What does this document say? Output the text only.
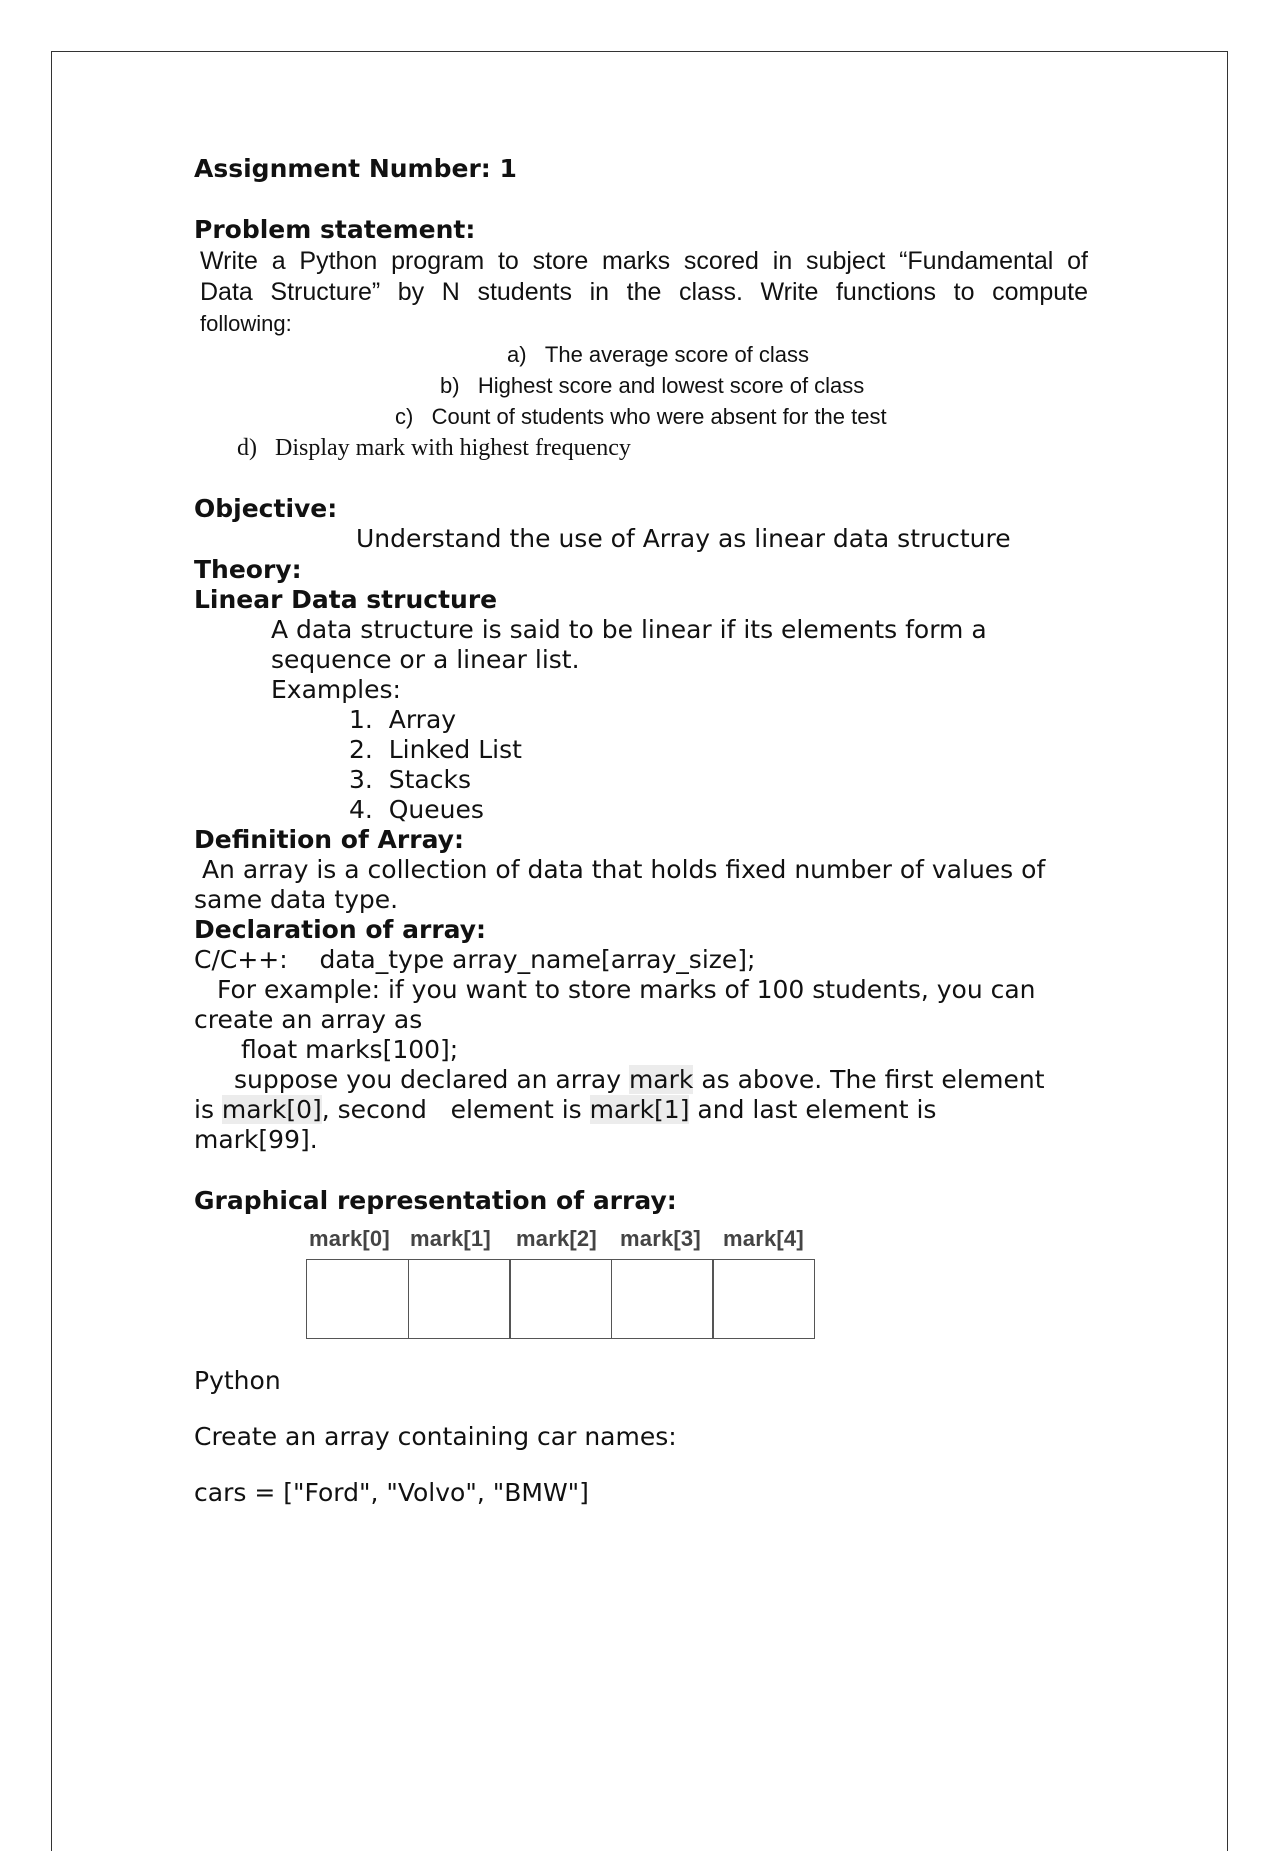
Assignment Number: 1
Problem statement:
Write a Python program to store marks scored in subject “Fundamental of
Data Structure” by N students in the class. Write functions to compute
following:
a)   The average score of class
b)   Highest score and lowest score of class
c)   Count of students who were absent for the test
d)   Display mark with highest frequency
Objective:
Understand the use of Array as linear data structure
Theory:
Linear Data structure
A data structure is said to be linear if its elements form a
sequence or a linear list.
Examples:
1.  Array
2.  Linked List
3.  Stacks
4.  Queues
Definition of Array:
An array is a collection of data that holds fixed number of values of
same data type.
Declaration of array:
C/C++:    data_type array_name[array_size];
For example: if you want to store marks of 100 students, you can
create an array as
float marks[100];
suppose you declared an array mark as above. The first element
is mark[0], second   element is mark[1] and last element is
mark[99].
Graphical representation of array:
mark[0] mark[1] mark[2] mark[3] mark[4]
Python
Create an array containing car names:
cars = ["Ford", "Volvo", "BMW"]
